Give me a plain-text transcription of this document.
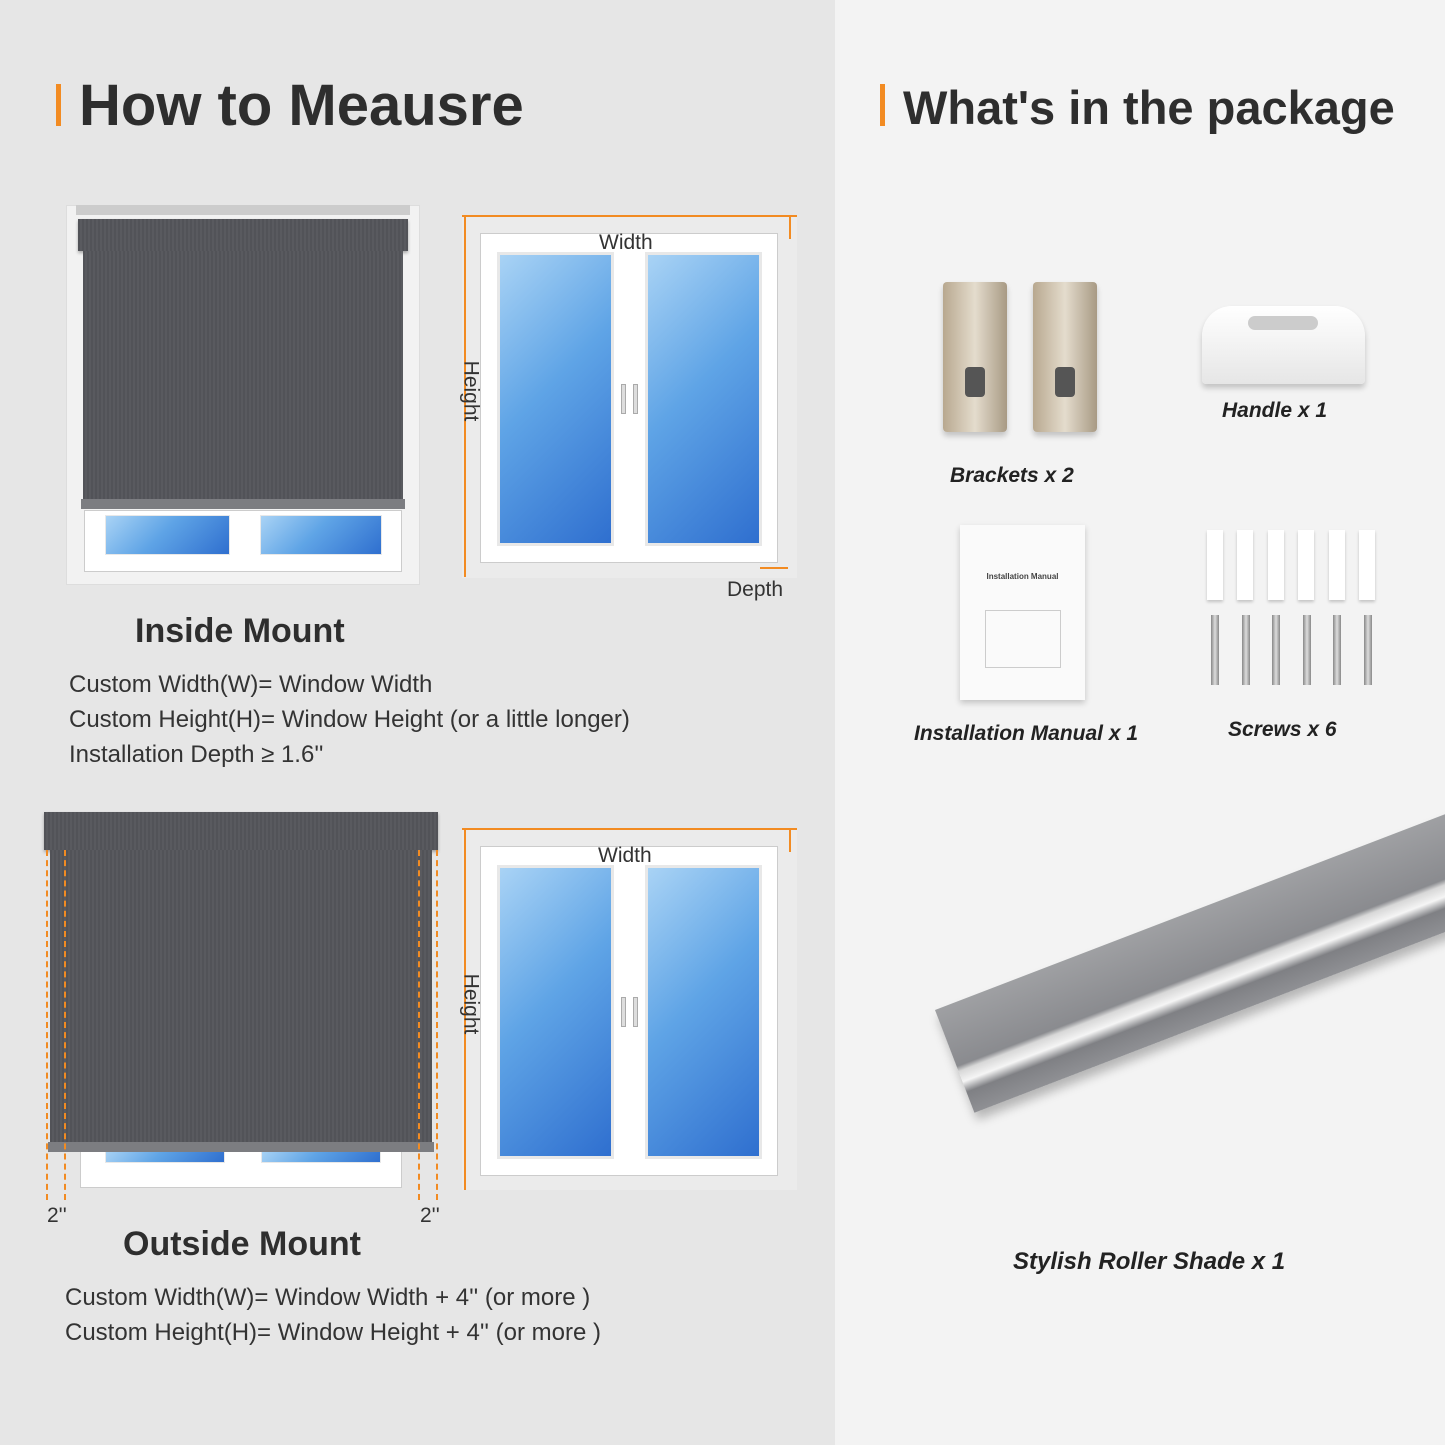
How to Meausre
Width
Height
Depth
Inside Mount
Custom Width(W)= Window Width
Custom Height(H)= Window Height (or a little longer)
Installation Depth ≥ 1.6''
2''	2''
Width
Height
Outside Mount
Custom Width(W)= Window Width + 4'' (or more )
Custom Height(H)= Window Height + 4'' (or more )
What's in the package
Brackets x 2
Handle x 1
Installation Manual
Installation Manual x 1	Screws x 6
Stylish Roller Shade x 1
